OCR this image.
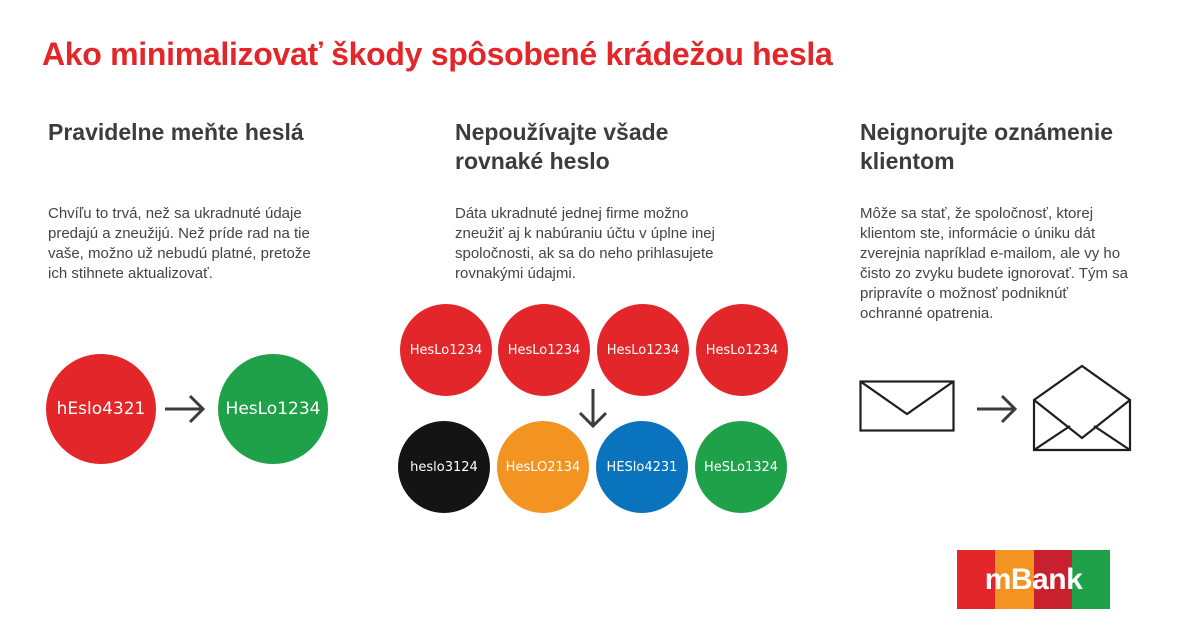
Ako minimalizovať škody spôsobené krádežou hesla
Pravidelne meňte heslá

Chvíľu to trvá, než sa ukradnuté údaje predajú a zneužijú. Než príde rad na tie vaše, možno už nebudú platné, pretože ich stihnete aktualizovať.

Nepoužívajte všade rovnaké heslo

Dáta ukradnuté jednej firme možno zneužiť aj k nabúraniu účtu v úplne inej spoločnosti, ak sa do neho prihlasujete rovnakými údajmi.

Neignorujte oznámenie klientom

Môže sa stať, že spoločnosť, ktorej klientom ste, informácie o úniku dát zverejnia napríklad e-mailom, ale vy ho čisto zo zvyku budete ignorovať. Tým sa pripravíte o možnosť podniknúť ochranné opatrenia.

hEslo4321	HesLo1234
HesLo1234	HesLo1234	HesLo1234	HesLo1234
heslo3124	HesLO2134	HESlo4231	HeSLo1324
mBank
